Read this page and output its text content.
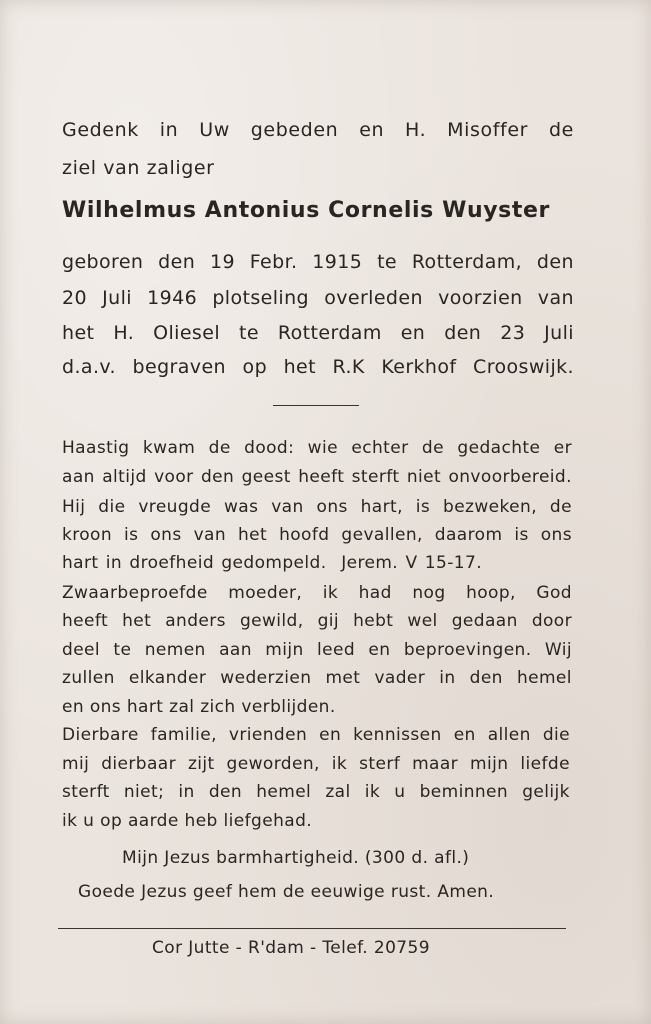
Gedenk in Uw gebeden en H. Misoffer de
ziel van zaliger
Wilhelmus Antonius Cornelis Wuyster
geboren den 19 Febr. 1915 te Rotterdam, den
20 Juli 1946 plotseling overleden voorzien van
het H. Oliesel te Rotterdam en den 23 Juli
d.a.v. begraven op het R.K Kerkhof Crooswijk.
Haastig kwam de dood: wie echter de gedachte er
aan altijd voor den geest heeft sterft niet onvoorbereid.
Hij die vreugde was van ons hart, is bezweken, de
kroon is ons van het hoofd gevallen, daarom is ons
hart in droefheid gedompeld. Jerem. V 15-17.
Zwaarbeproefde moeder, ik had nog hoop, God
heeft het anders gewild, gij hebt wel gedaan door
deel te nemen aan mijn leed en beproevingen. Wij
zullen elkander wederzien met vader in den hemel
en ons hart zal zich verblijden.
Dierbare familie, vrienden en kennissen en allen die
mij dierbaar zijt geworden, ik sterf maar mijn liefde
sterft niet; in den hemel zal ik u beminnen gelijk
ik u op aarde heb liefgehad.
Mijn Jezus barmhartigheid. (300 d. afl.)
Goede Jezus geef hem de eeuwige rust. Amen.
Cor Jutte - R'dam - Telef. 20759
